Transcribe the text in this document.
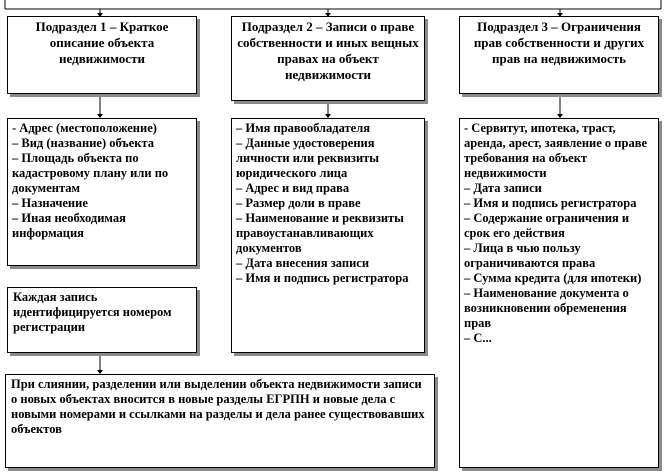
Подраздел 1 – Краткое описание объекта недвижимости
Подраздел 2 – Записи о праве собственности и иных вещных правах на объект недвижимости
Подраздел 3 – Ограничения прав собственности и других прав на недвижимость
- Адрес (местоположение)
– Вид (название) объекта
– Площадь объекта по кадастровому плану или по документам
– Назначение
– Иная необходимая информация
Каждая запись идентифицируется номером регистрации
– Имя правообладателя
– Данные удостоверения личности или реквизиты юридического лица
– Адрес и вид права
– Размер доли в праве
– Наименование и реквизиты правоустанавливающих документов
– Дата внесения записи
– Имя и подпись регистратора
- Сервитут, ипотека, траст, аренда, арест, заявление о праве требования на объект недвижимости
– Дата записи
– Имя и подпись регистратора
– Содержание ограничения и срок его действия
– Лица в чью пользу ограничиваются права
– Сумма кредита (для ипотеки)
– Наименование документа о возникновении обременения прав
– С...
При слиянии, разделении или выделении объекта недвижимости записи о новых объектах вносится в новые разделы ЕГРПН и новые дела с новыми номерами и ссылками на разделы и дела ранее существовавших объектов
